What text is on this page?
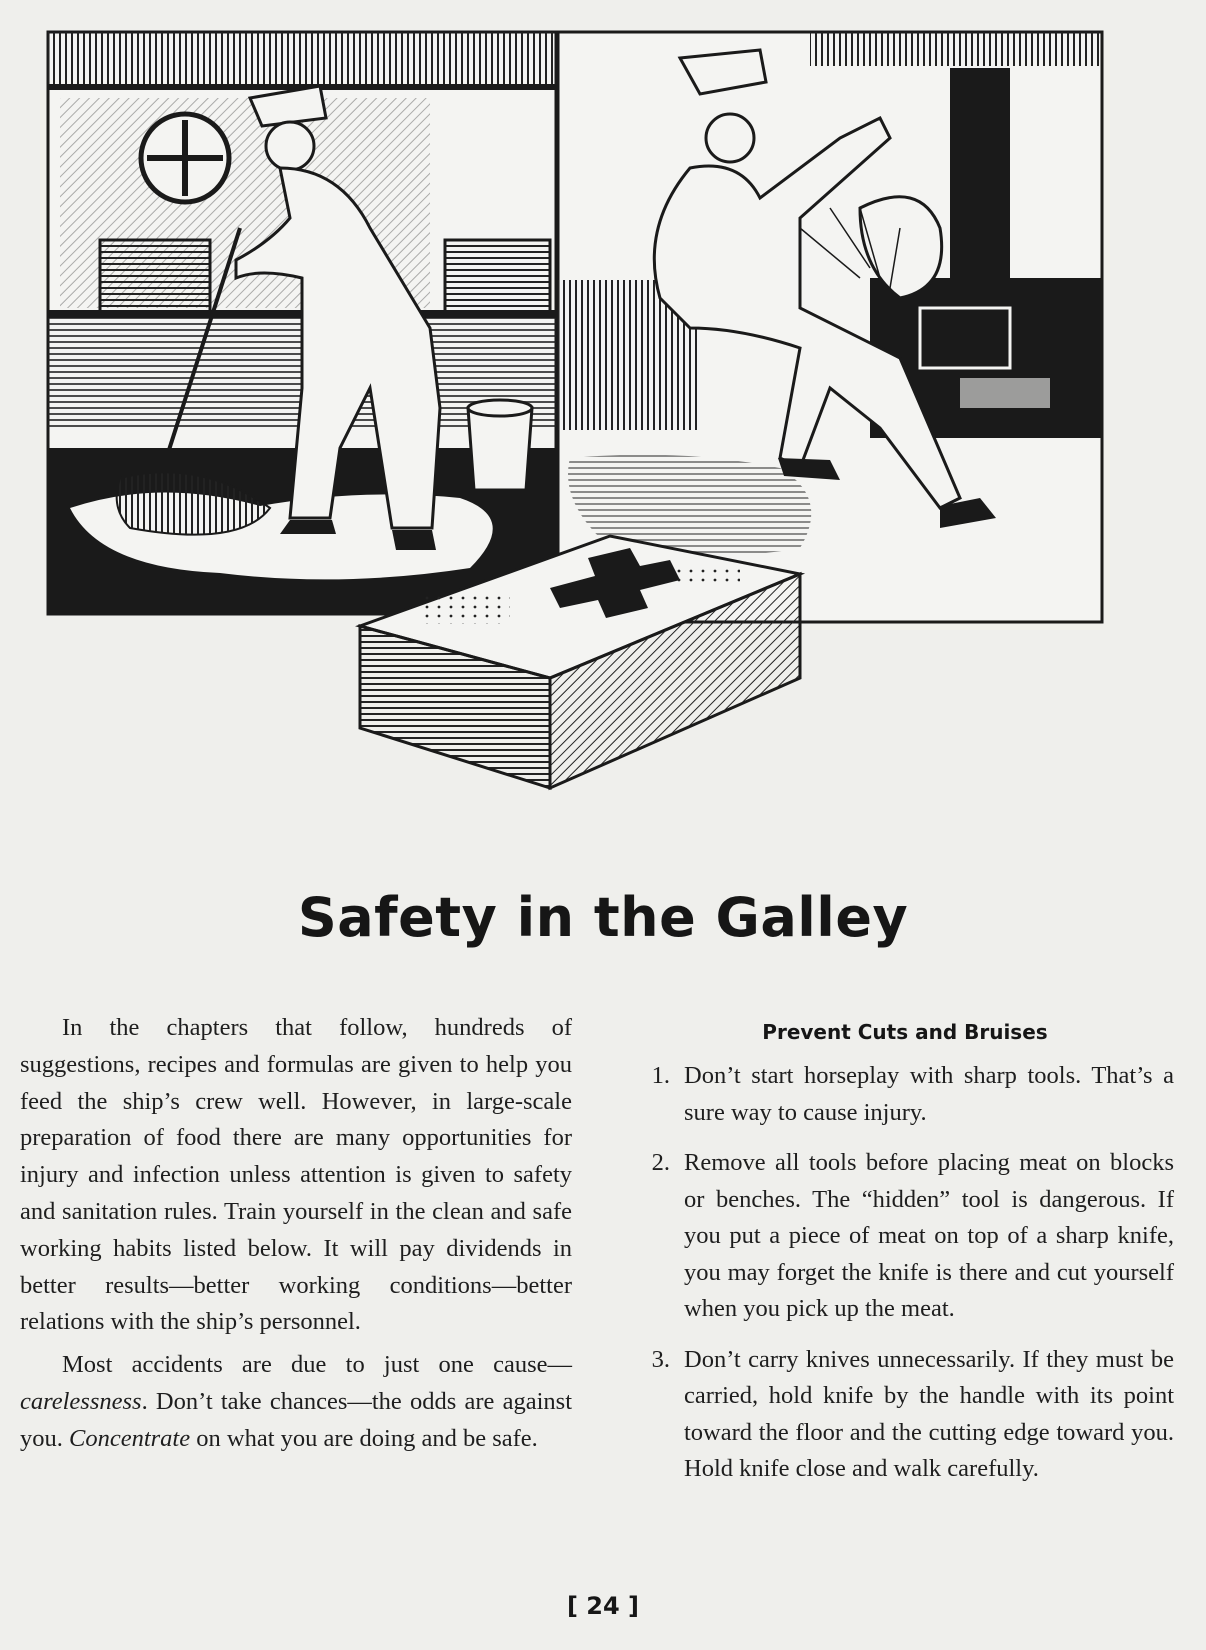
Safety in the Galley

In the chapters that follow, hundreds of suggestions, recipes and formulas are given to help you feed the ship’s crew well. However, in large-scale preparation of food there are many opportunities for injury and infection unless attention is given to safety and sanitation rules. Train yourself in the clean and safe working habits listed below. It will pay dividends in better results—better working conditions—better relations with the ship’s personnel.

Most accidents are due to just one cause—carelessness. Don’t take chances—the odds are against you. Concentrate on what you are doing and be safe.

Prevent Cuts and Bruises
1. Don’t start horseplay with sharp tools. That’s a sure way to cause injury.
2. Remove all tools before placing meat on blocks or benches. The “hidden” tool is dangerous. If you put a piece of meat on top of a sharp knife, you may forget the knife is there and cut yourself when you pick up the meat.
3. Don’t carry knives unnecessarily. If they must be carried, hold knife by the handle with its point toward the floor and the cutting edge toward you. Hold knife close and walk carefully.
[ 24 ]
